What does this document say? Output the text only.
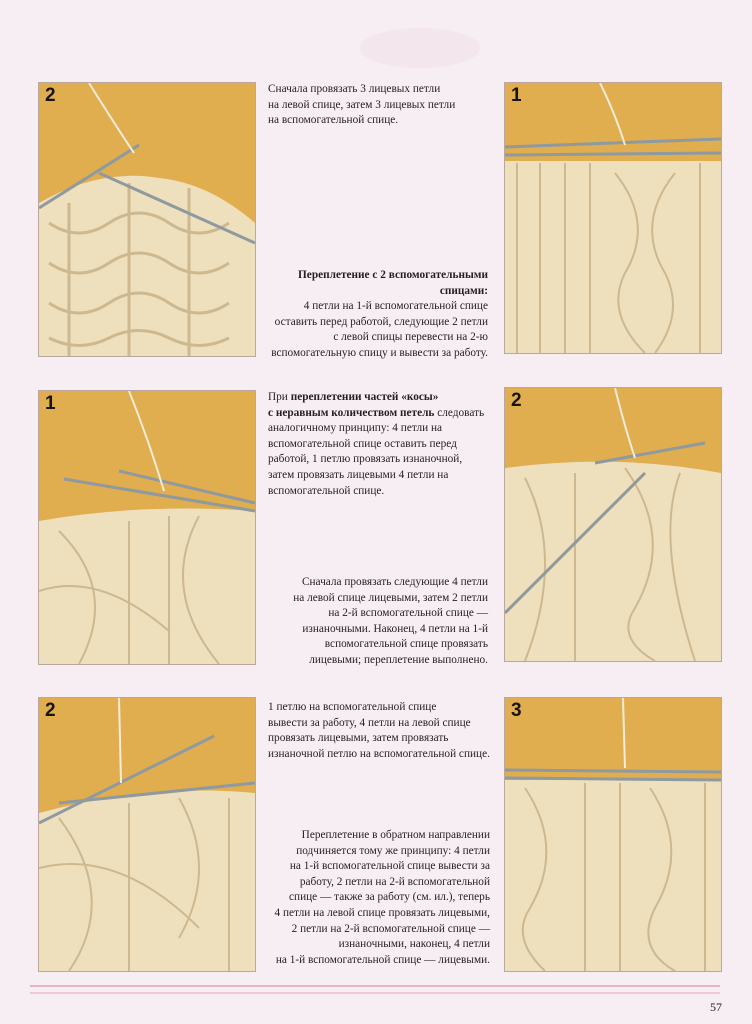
2	1
1	2
2	3

Сначала провязать 3 лицевых петли

на левой спице, затем 3 лицевых петли

на вспомогательной спице.

Переплетение с 2 вспомогательными

спицами:

4 петли на 1-й вспомогательной спице

оставить перед работой, следующие 2 петли

с левой спицы перевести на 2-ю

вспомогательную спицу и вывести за работу.

При переплетении частей «косы»

с неравным количеством петель следовать

аналогичному принципу: 4 петли на

вспомогательной спице оставить перед

работой, 1 петлю провязать изнаночной,

затем провязать лицевыми 4 петли на

вспомогательной спице.

Сначала провязать следующие 4 петли

на левой спице лицевыми, затем 2 петли

на 2-й вспомогательной спице —

изнаночными. Наконец, 4 петли на 1-й

вспомогательной спице провязать

лицевыми; переплетение выполнено.

1 петлю на вспомогательной спице

вывести за работу, 4 петли на левой спице

провязать лицевыми, затем провязать

изнаночной петлю на вспомогательной спице.

Переплетение в обратном направлении

подчиняется тому же принципу: 4 петли

на 1-й вспомогательной спице вывести за

работу, 2 петли на 2-й вспомогательной

спице — также за работу (см. ил.), теперь

4 петли на левой спице провязать лицевыми,

2 петли на 2-й вспомогательной спице —

изнаночными, наконец, 4 петли

на 1-й вспомогательной спице — лицевыми.

57
